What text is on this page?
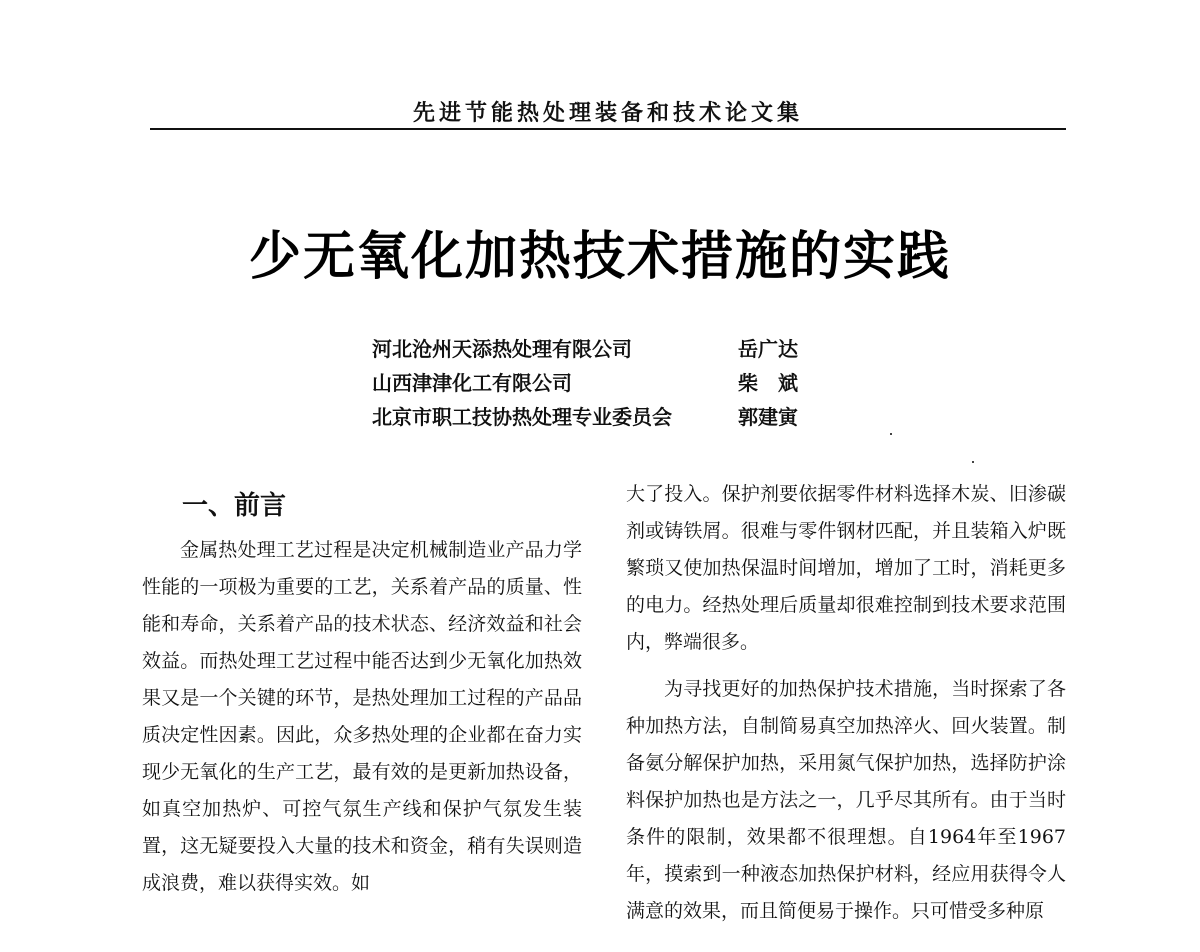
先进节能热处理装备和技术论文集
少无氧化加热技术措施的实践
河北沧州天添热处理有限公司	岳广达
山西津津化工有限公司	柴　斌
北京市职工技协热处理专业委员会	郭建寅
一、前言

金属热处理工艺过程是决定机械制造业产品力学性能的一项极为重要的工艺，关系着产品的质量、性能和寿命，关系着产品的技术状态、经济效益和社会效益。而热处理工艺过程中能否达到少无氧化加热效果又是一个关键的环节，是热处理加工过程的产品品质决定性因素。因此，众多热处理的企业都在奋力实现少无氧化的生产工艺，最有效的是更新加热设备，如真空加热炉、可控气氛生产线和保护气氛发生装置，这无疑要投入大量的技术和资金，稍有失误则造成浪费，难以获得实效。如

大了投入。保护剂要依据零件材料选择木炭、旧渗碳剂或铸铁屑。很难与零件钢材匹配，并且装箱入炉既繁琐又使加热保温时间增加，增加了工时，消耗更多的电力。经热处理后质量却很难控制到技术要求范围内，弊端很多。

为寻找更好的加热保护技术措施，当时探索了各种加热方法，自制简易真空加热淬火、回火装置。制备氨分解保护加热，采用氮气保护加热，选择防护涂料保护加热也是方法之一，几乎尽其所有。由于当时条件的限制，效果都不很理想。自1964年至1967年，摸索到一种液态加热保护材料，经应用获得令人满意的效果，而且简便易于操作。只可惜受多种原
